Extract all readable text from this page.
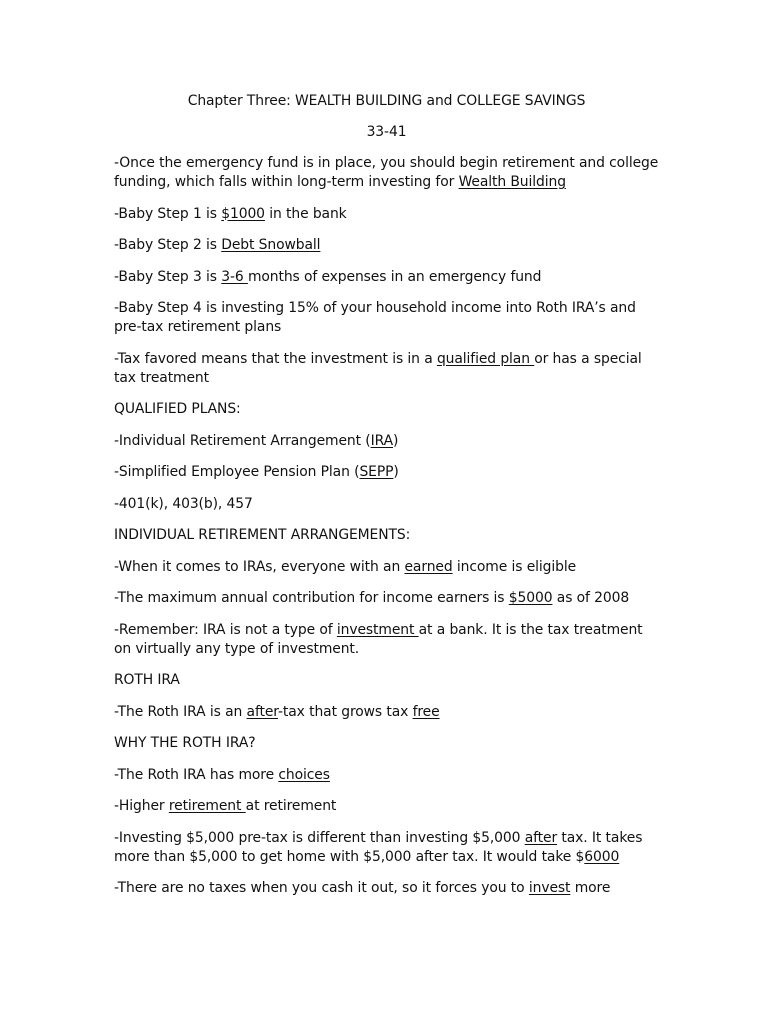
Chapter Three: WEALTH BUILDING and COLLEGE SAVINGS
33-41
-Once the emergency fund is in place, you should begin retirement and college funding, which falls within long-term investing for Wealth Building
-Baby Step 1 is $1000 in the bank
-Baby Step 2 is Debt Snowball
-Baby Step 3 is 3-6 months of expenses in an emergency fund
-Baby Step 4 is investing 15% of your household income into Roth IRA’s and pre-tax retirement plans
-Tax favored means that the investment is in a qualified plan or has a special tax treatment
QUALIFIED PLANS:
-Individual Retirement Arrangement (IRA)
-Simplified Employee Pension Plan (SEPP)
-401(k), 403(b), 457
INDIVIDUAL RETIREMENT ARRANGEMENTS:
-When it comes to IRAs, everyone with an earned income is eligible
-The maximum annual contribution for income earners is $5000 as of 2008
-Remember: IRA is not a type of investment at a bank. It is the tax treatment on virtually any type of investment.
ROTH IRA
-The Roth IRA is an after-tax that grows tax free
WHY THE ROTH IRA?
-The Roth IRA has more choices
-Higher retirement at retirement
-Investing $5,000 pre-tax is different than investing $5,000 after tax. It takes more than $5,000 to get home with $5,000 after tax. It would take $6000
-There are no taxes when you cash it out, so it forces you to invest more
